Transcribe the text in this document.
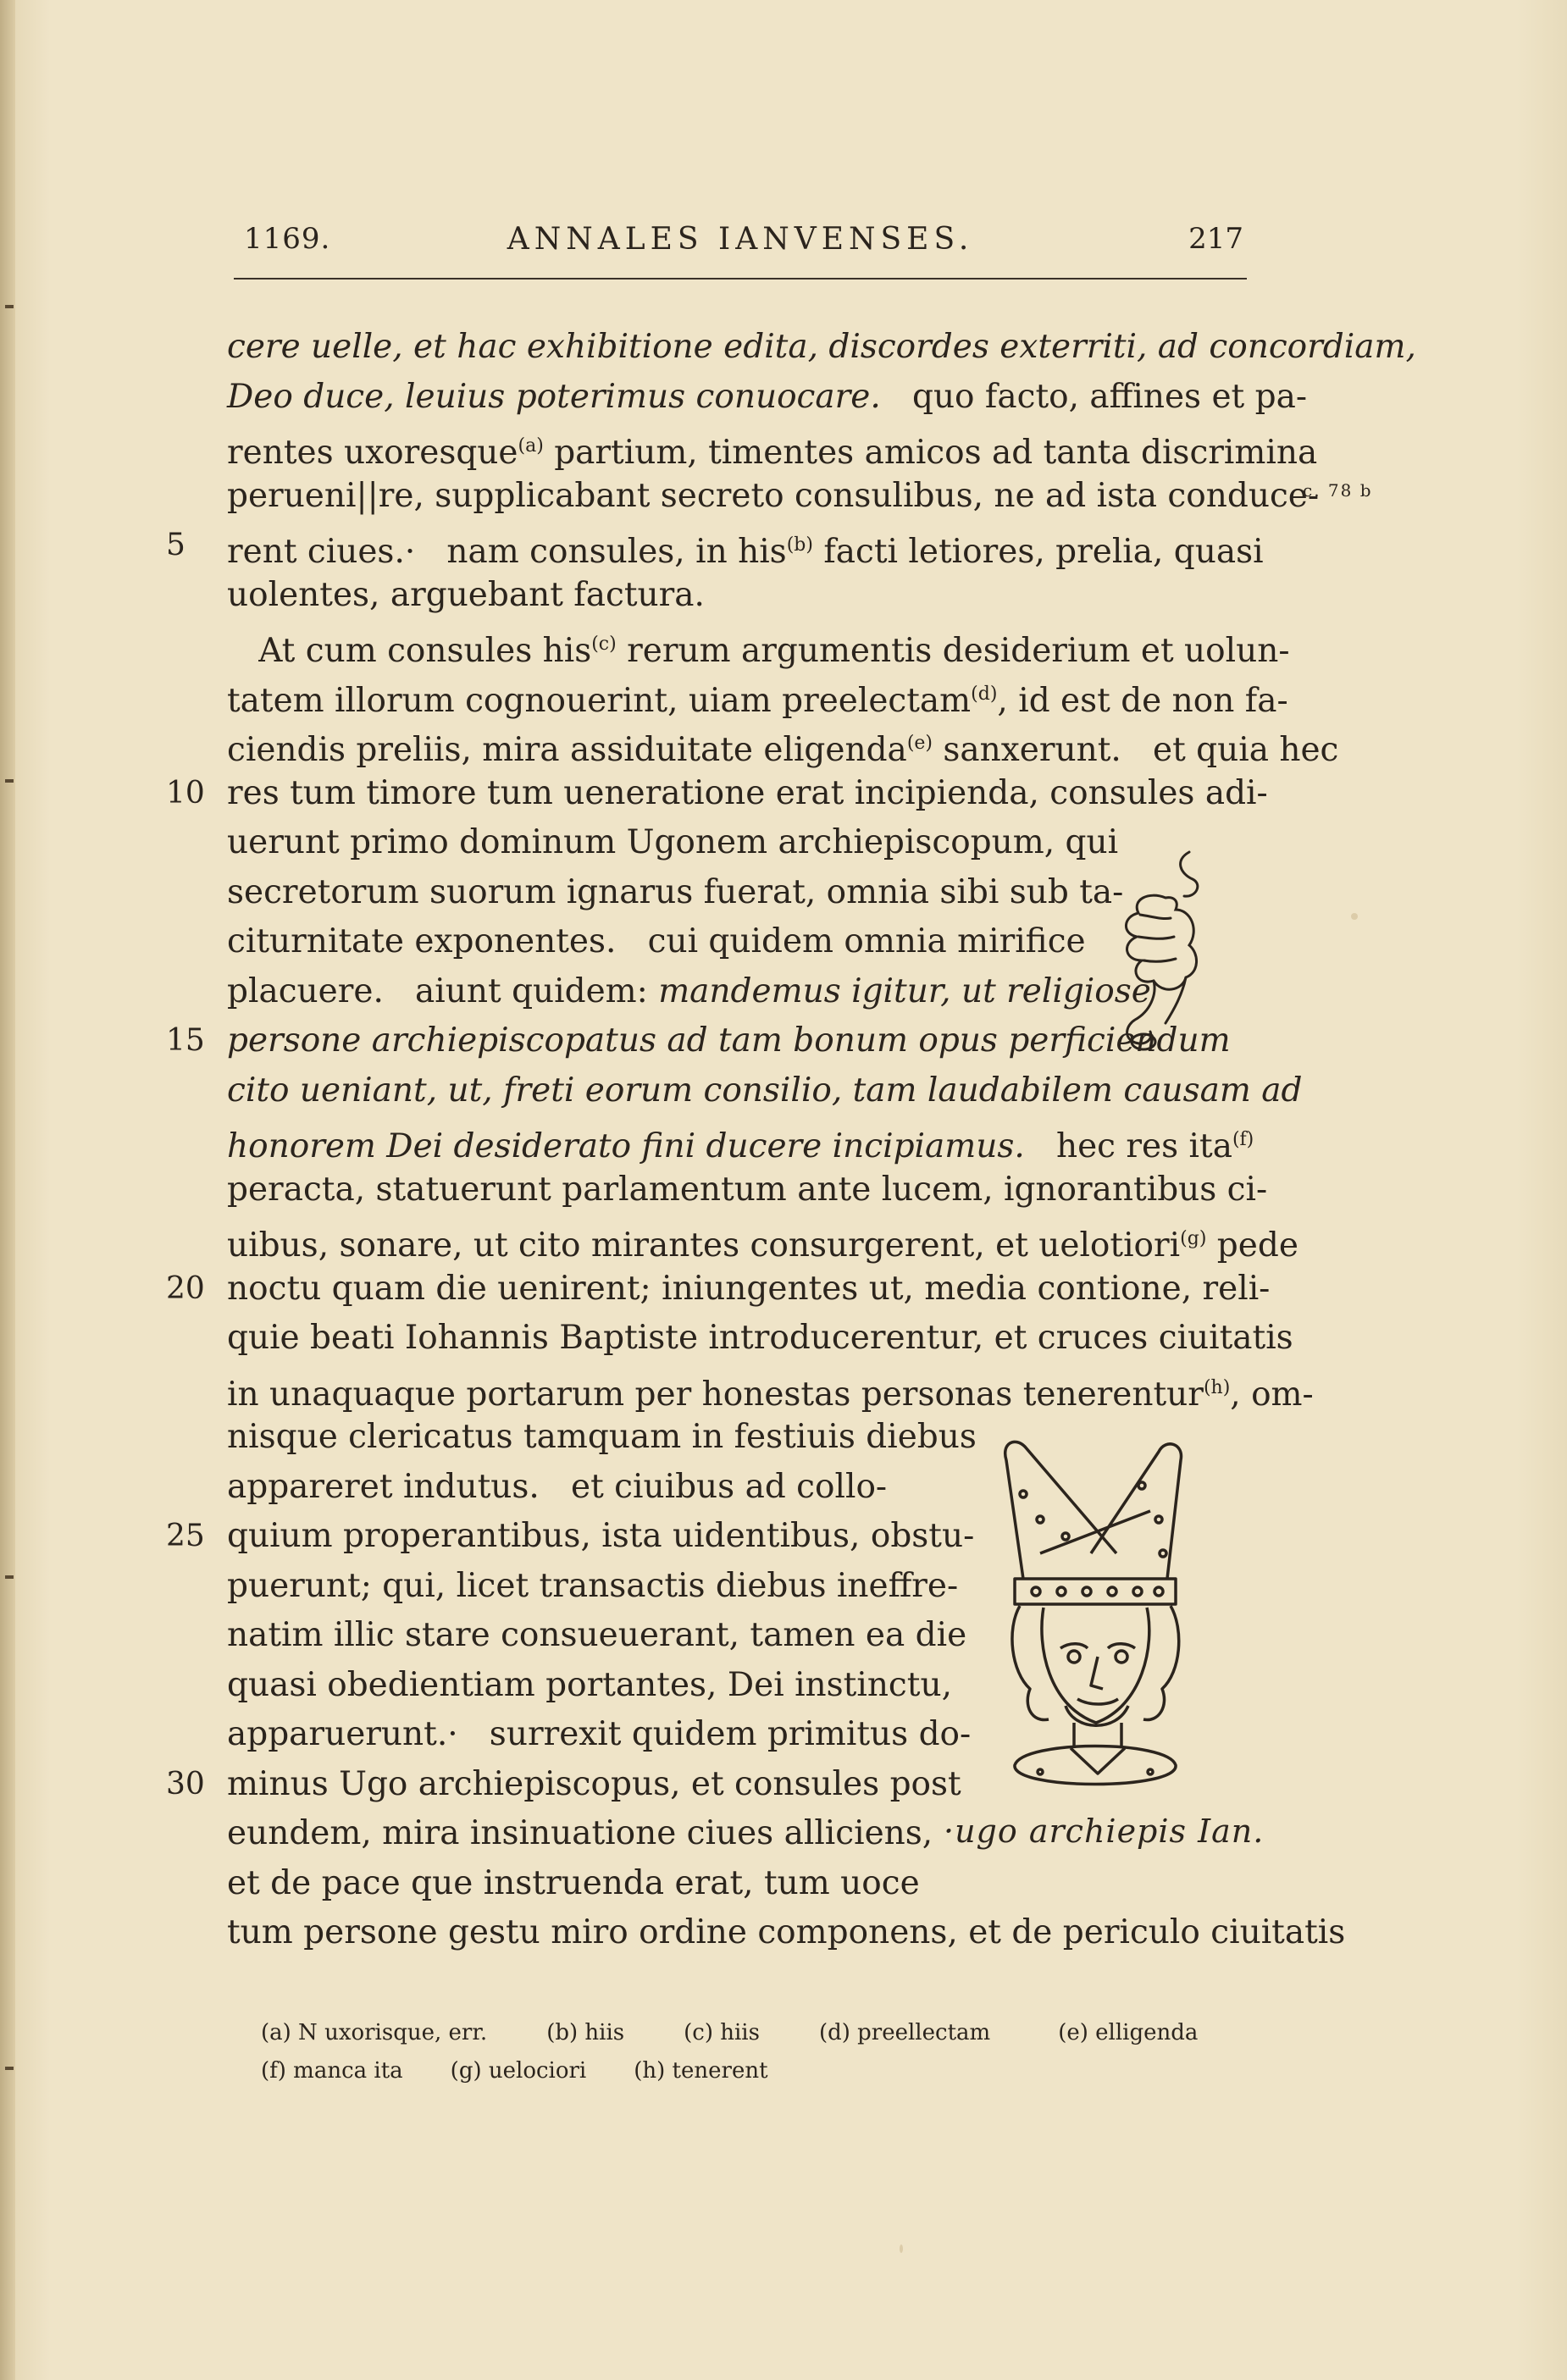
1169.	ANNALES IANVENSES.	217
c. 78 b
cere uelle, et hac exhibitione edita, discordes exterriti, ad concordiam,
Deo duce, leuius poterimus conuocare.   quo facto, affines et pa-
rentes uxoresque$^{(a)}$ partium, timentes amicos ad tanta discrimina
perueni||re, supplicabant secreto consulibus, ne ad ista conduce-
rent ciues.·   nam consules, in his$^{(b)}$ facti letiores, prelia, quasi
uolentes, arguebant factura.
At cum consules his$^{(c)}$ rerum argumentis desiderium et uolun-
tatem illorum cognouerint, uiam preelectam$^{(d)}$, id est de non fa-
ciendis preliis, mira assiduitate eligenda$^{(e)}$ sanxerunt.   et quia hec
res tum timore tum ueneratione erat incipienda, consules adi-
uerunt primo dominum Ugonem archiepiscopum, qui
secretorum suorum ignarus fuerat, omnia sibi sub ta-
citurnitate exponentes.   cui quidem omnia mirifice
placuere.   aiunt quidem: mandemus igitur, ut religiose
persone archiepiscopatus ad tam bonum opus perficiendum
cito ueniant, ut, freti eorum consilio, tam laudabilem causam ad
honorem Dei desiderato fini ducere incipiamus.   hec res ita$^{(f)}$
peracta, statuerunt parlamentum ante lucem, ignorantibus ci-
uibus, sonare, ut cito mirantes consurgerent, et uelotiori$^{(g)}$ pede
noctu quam die uenirent; iniungentes ut, media contione, reli-
quie beati Iohannis Baptiste introducerentur, et cruces ciuitatis
in unaquaque portarum per honestas personas tenerentur$^{(h)}$, om-
nisque clericatus tamquam in festiuis diebus
appareret indutus.   et ciuibus ad collo-
quium properantibus, ista uidentibus, obstu-
puerunt; qui, licet transactis diebus ineffre-
natim illic stare consueuerant, tamen ea die
quasi obedientiam portantes, Dei instinctu,
apparuerunt.·   surrexit quidem primitus do-
minus Ugo archiepiscopus, et consules post
eundem, mira insinuatione ciues alliciens,
et de pace que instruenda erat, tum uoce
tum persone gestu miro ordine componens, et de periculo ciuitatis
5
10
15
20
25
30
·ugo archiepis Ian.
(a) N uxorisque, err.	(b) hiis	(c) hiis	(d) preellectam	(e) elligenda
(f) manca ita (g) uelociori (h) tenerent
